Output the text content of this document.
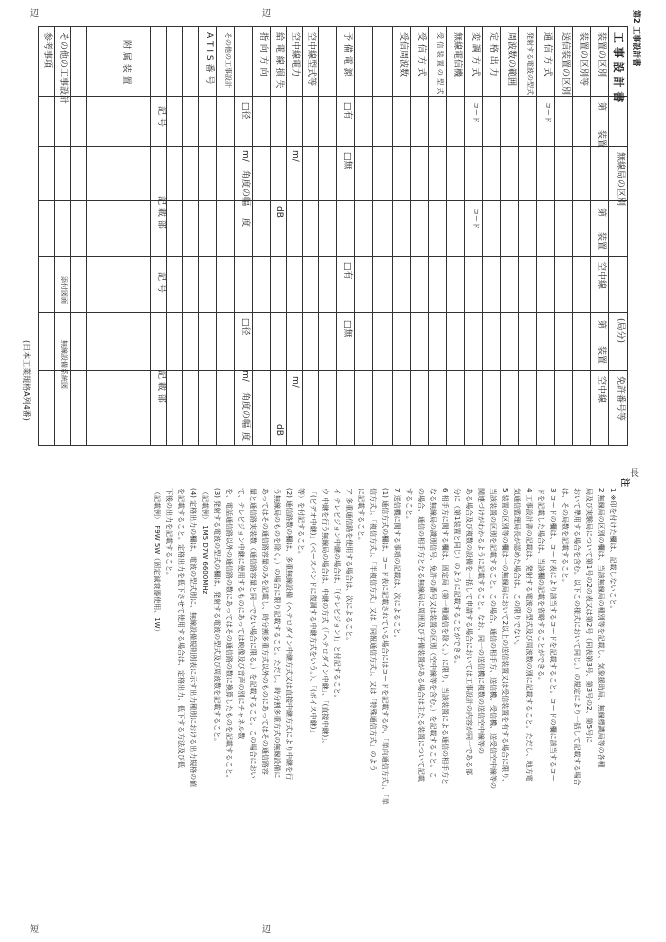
第2 工事設計書
辺	辺
短	辺
長
工 事 設 計 書
無線局の区別
(局分)
免許番号等
装置の区別
装置の区別等
送信装置の区別
通 信 方 式
発射する電波の型式
周波数の範囲
定 格 出 力
変 調 方 式
無線電信機
受 信 装 置 の 型 式
受 信 方 式
受信周波数
予 備 電 源
空中線型式等
空中線電力
給 電 線 損 失
指 向 方 向
その他の工事設計
A T I S 番 号
附 属 装 置
その他の工事設計
参考事項
第
装置
第
装置
空中線
第
装置
空中線
コード
コード
コード
□有
□無
□有
□無
m/
m/
dB
dB
□径
□径
m/
角度の幅
度
m/
角度の幅
度
記 号
記 載 部
記 号
記 載 部
添付図面
無線設備系統図
(日本工業規格A列4番)
注
1 ※印を付けた欄は、記載しないこと。
2 無線局の区別の欄は、当該無線局の種別等を記載し、気象援助局、無線標識局等の各種
局及び実験局について第1号の2の表又は第2号（同表第3号、第3号の2、第5号に
おいて準用する場合を含む。以下この様式において同じ。）の規定により一括して記載する場合
は、その局数を記載すること。
3 コードの欄は、コード表により該当するコードを記載すること。コードの欄に該当するコー
ドを記載した場合は、当該欄の記載を省略することができる。
4 工事設計書の記載は、発射する電波の型式及び周波数の別に記載すること。ただし、地方電
気通信監理局長が認めた場合は、この限りでない。
5 装置の区別等の欄は一の無線局において2以上の送信装置又は受信装置を有する場合に限り、
当該装置の区別を記載すること。この場合、通信の相手方、送信機、受信機、送受信空中線等の
関連づけがわかるように記載すること。なお、同一の送信機に複数の送信空中線等の
ある場合及び複数の設備を一括して申請する場合においては工事設計の内容が同一である部
分に（第1装置と同じ）のように記載することができる。
6 相手方に関する欄は、固定局（第一種通信を除く。）に限り、当該装置による通信の相手方と
なる無線局の識別信号、免許の番号又は装置の区別（空中線等を含む。）を記載すること。こ
の場合、通信の相手方となる無線局に周囲及び予備装置がある場合は主たる装置について記載
すること。
7 送信機に関する事項の記載は、次によること。
(1) 通信方式の欄は、コード表に記載されている場合にはコードを記載するか、「単向通信方式」、「単
信方式」、「複信方式」、「半複信方式」又は「同報通信方式」、又は「特殊通信方式」のよう
に記載すること。
ア 多重通信路を使用する場合は、次によること。
イ テレビジョン中継の場合は、「(テレビジョン)」と付記すること。
ウ 中継を行う無線局の場合は、中継の方式（「ヘテロダイン中継」、「(直接中継)」、
「(ビデオ中継)」（ベースバンドに復調する中継方式をいう。）、「(ボイス中継)」
等）を付記すること。
(2) 通信路数の欄は、多重無線設備（ヘテロダイン中継方式又は直接中継方式により中継を行
う無線局のものを除く。）の場合に限り記載すること。ただし、時分割多重方式の無線設備に
あってはその通信路容量のみを記載し、時分割多重方式以外のものにあってはその通信路容
量と通信路実装数（通信路容量と同一でない場合に限る。）を記載すること。この場合におい
て、テレビジョン中継に使用するものにあっては映像及び音声の別にチャネル数
を、電話通信路以外の通信路の数にあってはその通信路の数に換算したものを記載すること。
(3) 発射する電波の型式の欄は、発射する電波の型式及び周波数を記載すること。
（記載例） 1M5 D7W 6600MHz
(4) 定格出力の欄は、電波の型式別に、無線設備規則別表に示す出力種別における出力規格の値
を記載すること。定格出力を低下させて使用する場合は、定格出力、低下する方法及び低
下後の出力を記載すること。
（記載例） F9W 5W（固定減衰器使用、1W）
